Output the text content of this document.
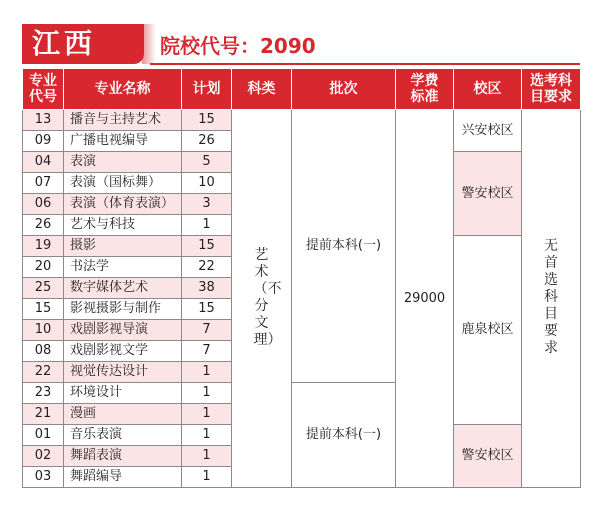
江西	院校代号：2090
专业代号	专业名称	计划	科类	批次	学费标准	校区	选考科目要求
13	播音与主持艺术	15	艺术（不分文理）	提前本科(一)	29000	兴安校区	无首选科目要求
09	广播电视编导	26					
04	表演	5				警安校区	
07	表演（国标舞）	10					
06	表演（体育表演）	3					
26	艺术与科技	1					
19	摄影	15				鹿泉校区	
20	书法学	22					
25	数字媒体艺术	38					
15	影视摄影与制作	15					
10	戏剧影视导演	7					
08	戏剧影视文学	7					
22	视觉传达设计	1					
23	环境设计	1		提前本科(一)			
21	漫画	1					
01	音乐表演	1				警安校区	
02	舞蹈表演	1					
03	舞蹈编导	1					
